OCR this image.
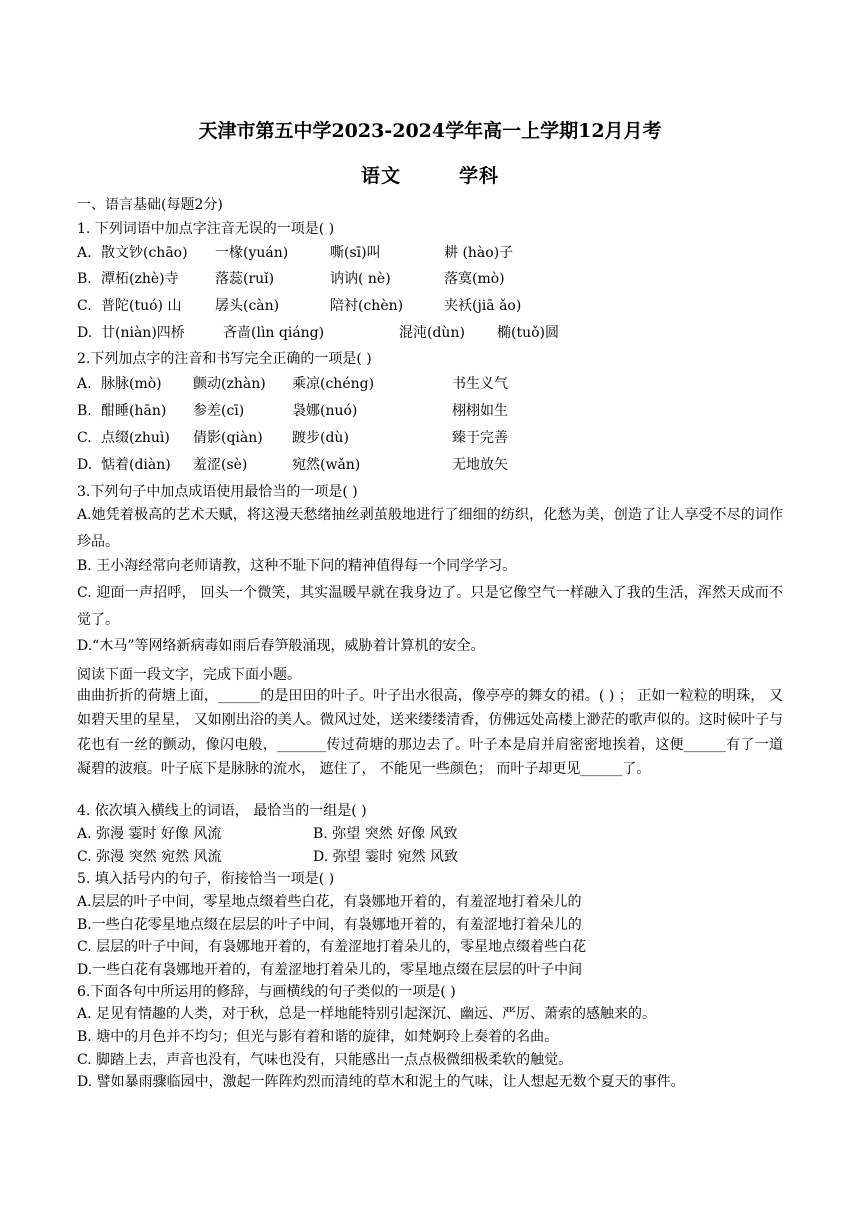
天津市第五中学2023-2024学年高一上学期12月月考
语文	学科
一、语言基础(每题2分)
1. 下列词语中加点字注音无误的一项是( )
A. 散文钞(chāo) 一椽(yuán)	嘶(sī)叫	耕 (hào)子
B. 潭柘(zhè)寺	落蕊(ruǐ)	讷讷( nè)	落寞(mò)
C. 普陀(tuó) 山 孱头(càn)	陪衬(chèn)	夹袄(jiā ǎo)
D. 廿(niàn)四桥	吝啬(lìn qiáng)	混沌(dùn) 椭(tuǒ)圆
2.下列加点字的注音和书写完全正确的一项是( )
A. 脉脉(mò) 颤动(zhàn) 乘凉(chéng)	书生义气
B. 酣睡(hān) 参差(cī)	袅娜(nuó)	栩栩如生
C. 点缀(zhuì) 倩影(qiàn) 踱步(dù)	臻于完善
D. 惦着(diàn) 羞涩(sè)	宛然(wǎn)	无地放矢
3.下列句子中加点成语使用最恰当的一项是( )
A.她凭着极高的艺术天赋，将这漫天愁绪抽丝剥茧般地进行了细细的纺织，化愁为美，创造了让人享受不尽的词作珍品。
B. 王小海经常向老师请教，这种不耻下问的精神值得每一个同学学习。
C. 迎面一声招呼， 回头一个微笑，其实温暖早就在我身边了。只是它像空气一样融入了我的生活，浑然天成而不觉了。
D.“木马”等网络新病毒如雨后春笋般涌现，威胁着计算机的安全。
阅读下面一段文字，完成下面小题。
曲曲折折的荷塘上面，______的是田田的叶子。叶子出水很高，像亭亭的舞女的裙。( ) ； 正如一粒粒的明珠， 又如碧天里的星星， 又如刚出浴的美人。微风过处，送来缕缕清香，仿佛远处高楼上渺茫的歌声似的。这时候叶子与花也有一丝的颤动，像闪电般，_______传过荷塘的那边去了。叶子本是肩并肩密密地挨着，这便______有了一道凝碧的波痕。叶子底下是脉脉的流水， 遮住了， 不能见一些颜色； 而叶子却更见______了。
4. 依次填入横线上的词语， 最恰当的一组是( )
A. 弥漫 霎时 好像 风流	B. 弥望 突然 好像 风致
C. 弥漫 突然 宛然 风流	D. 弥望 霎时 宛然 风致
5. 填入括号内的句子，衔接恰当一项是( )
A.层层的叶子中间，零星地点缀着些白花，有袅娜地开着的，有羞涩地打着朵儿的
B.一些白花零星地点缀在层层的叶子中间，有袅娜地开着的，有羞涩地打着朵儿的
C. 层层的叶子中间，有袅娜地开着的，有羞涩地打着朵儿的，零星地点缀着些白花
D.一些白花有袅娜地开着的，有羞涩地打着朵儿的，零星地点缀在层层的叶子中间
6.下面各句中所运用的修辞，与画横线的句子类似的一项是( )
A. 足见有情趣的人类，对于秋，总是一样地能特别引起深沉、幽远、严厉、萧索的感触来的。
B. 塘中的月色并不均匀；但光与影有着和谐的旋律，如梵婀玲上奏着的名曲。
C. 脚踏上去，声音也没有，气味也没有，只能感出一点点极微细极柔软的触觉。
D. 譬如暴雨骤临园中，激起一阵阵灼烈而清纯的草木和泥土的气味，让人想起无数个夏天的事件。
